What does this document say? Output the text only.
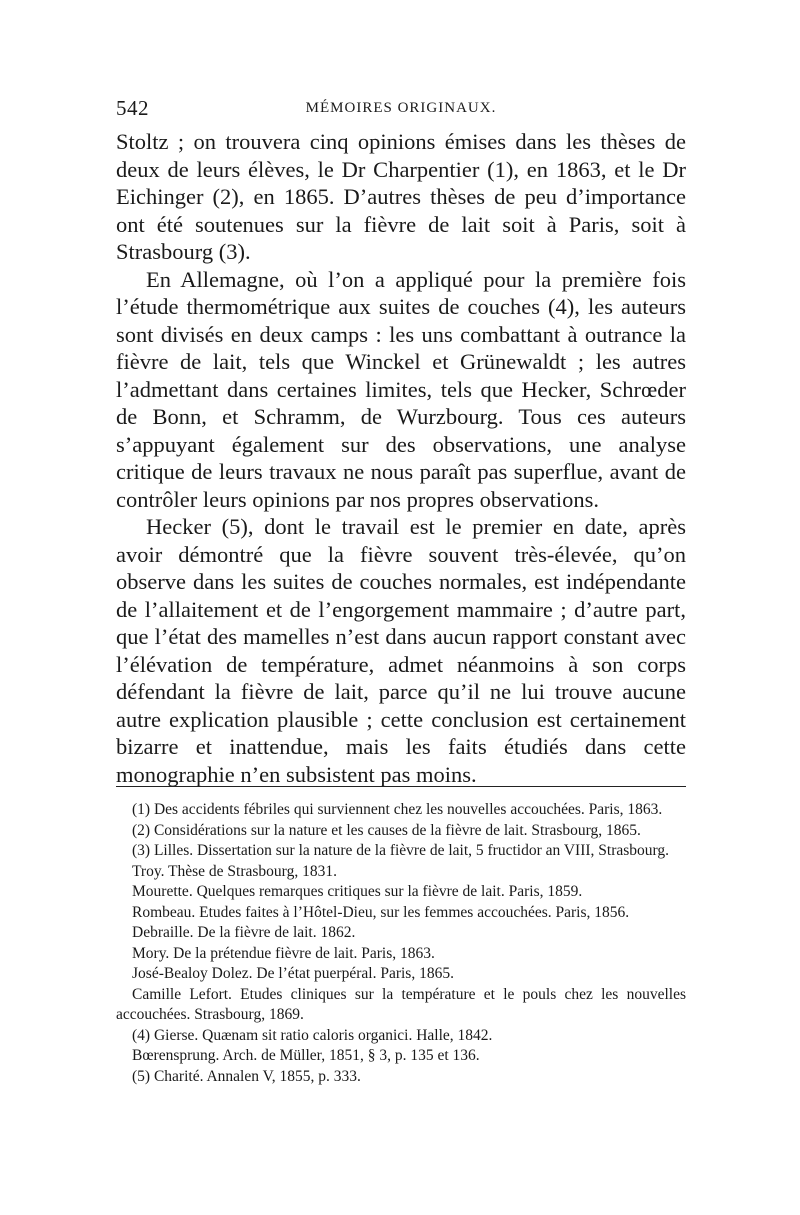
542	MÉMOIRES ORIGINAUX.

Stoltz ; on trouvera cinq opinions émises dans les thèses de deux de leurs élèves, le Dr Charpentier (1), en 1863, et le Dr Eichinger (2), en 1865. D’autres thèses de peu d’importance ont été soutenues sur la fièvre de lait soit à Paris, soit à Strasbourg (3).

En Allemagne, où l’on a appliqué pour la première fois l’étude thermométrique aux suites de couches (4), les auteurs sont divisés en deux camps : les uns combattant à outrance la fièvre de lait, tels que Winckel et Grünewaldt ; les autres l’admettant dans certaines limites, tels que Hecker, Schrœder de Bonn, et Schramm, de Wurzbourg. Tous ces auteurs s’appuyant également sur des observations, une analyse critique de leurs travaux ne nous paraît pas superflue, avant de contrôler leurs opinions par nos propres observations.

Hecker (5), dont le travail est le premier en date, après avoir démontré que la fièvre souvent très-élevée, qu’on observe dans les suites de couches normales, est indépendante de l’allaitement et de l’engorgement mammaire ; d’autre part, que l’état des mamelles n’est dans aucun rapport constant avec l’élévation de température, admet néanmoins à son corps défendant la fièvre de lait, parce qu’il ne lui trouve aucune autre explication plausible ; cette conclusion est certainement bizarre et inattendue, mais les faits étudiés dans cette monographie n’en subsistent pas moins.

(1) Des accidents fébriles qui surviennent chez les nouvelles accouchées. Paris, 1863.

(2) Considérations sur la nature et les causes de la fièvre de lait. Strasbourg, 1865.

(3) Lilles. Dissertation sur la nature de la fièvre de lait, 5 fructidor an VIII, Strasbourg.

Troy. Thèse de Strasbourg, 1831.

Mourette. Quelques remarques critiques sur la fièvre de lait. Paris, 1859.

Rombeau. Etudes faites à l’Hôtel-Dieu, sur les femmes accouchées. Paris, 1856.

Debraille. De la fièvre de lait. 1862.

Mory. De la prétendue fièvre de lait. Paris, 1863.

José-Bealoy Dolez. De l’état puerpéral. Paris, 1865.

Camille Lefort. Etudes cliniques sur la température et le pouls chez les nouvelles accouchées. Strasbourg, 1869.

(4) Gierse. Quænam sit ratio caloris organici. Halle, 1842.

Bœrensprung. Arch. de Müller, 1851, § 3, p. 135 et 136.

(5) Charité. Annalen V, 1855, p. 333.
